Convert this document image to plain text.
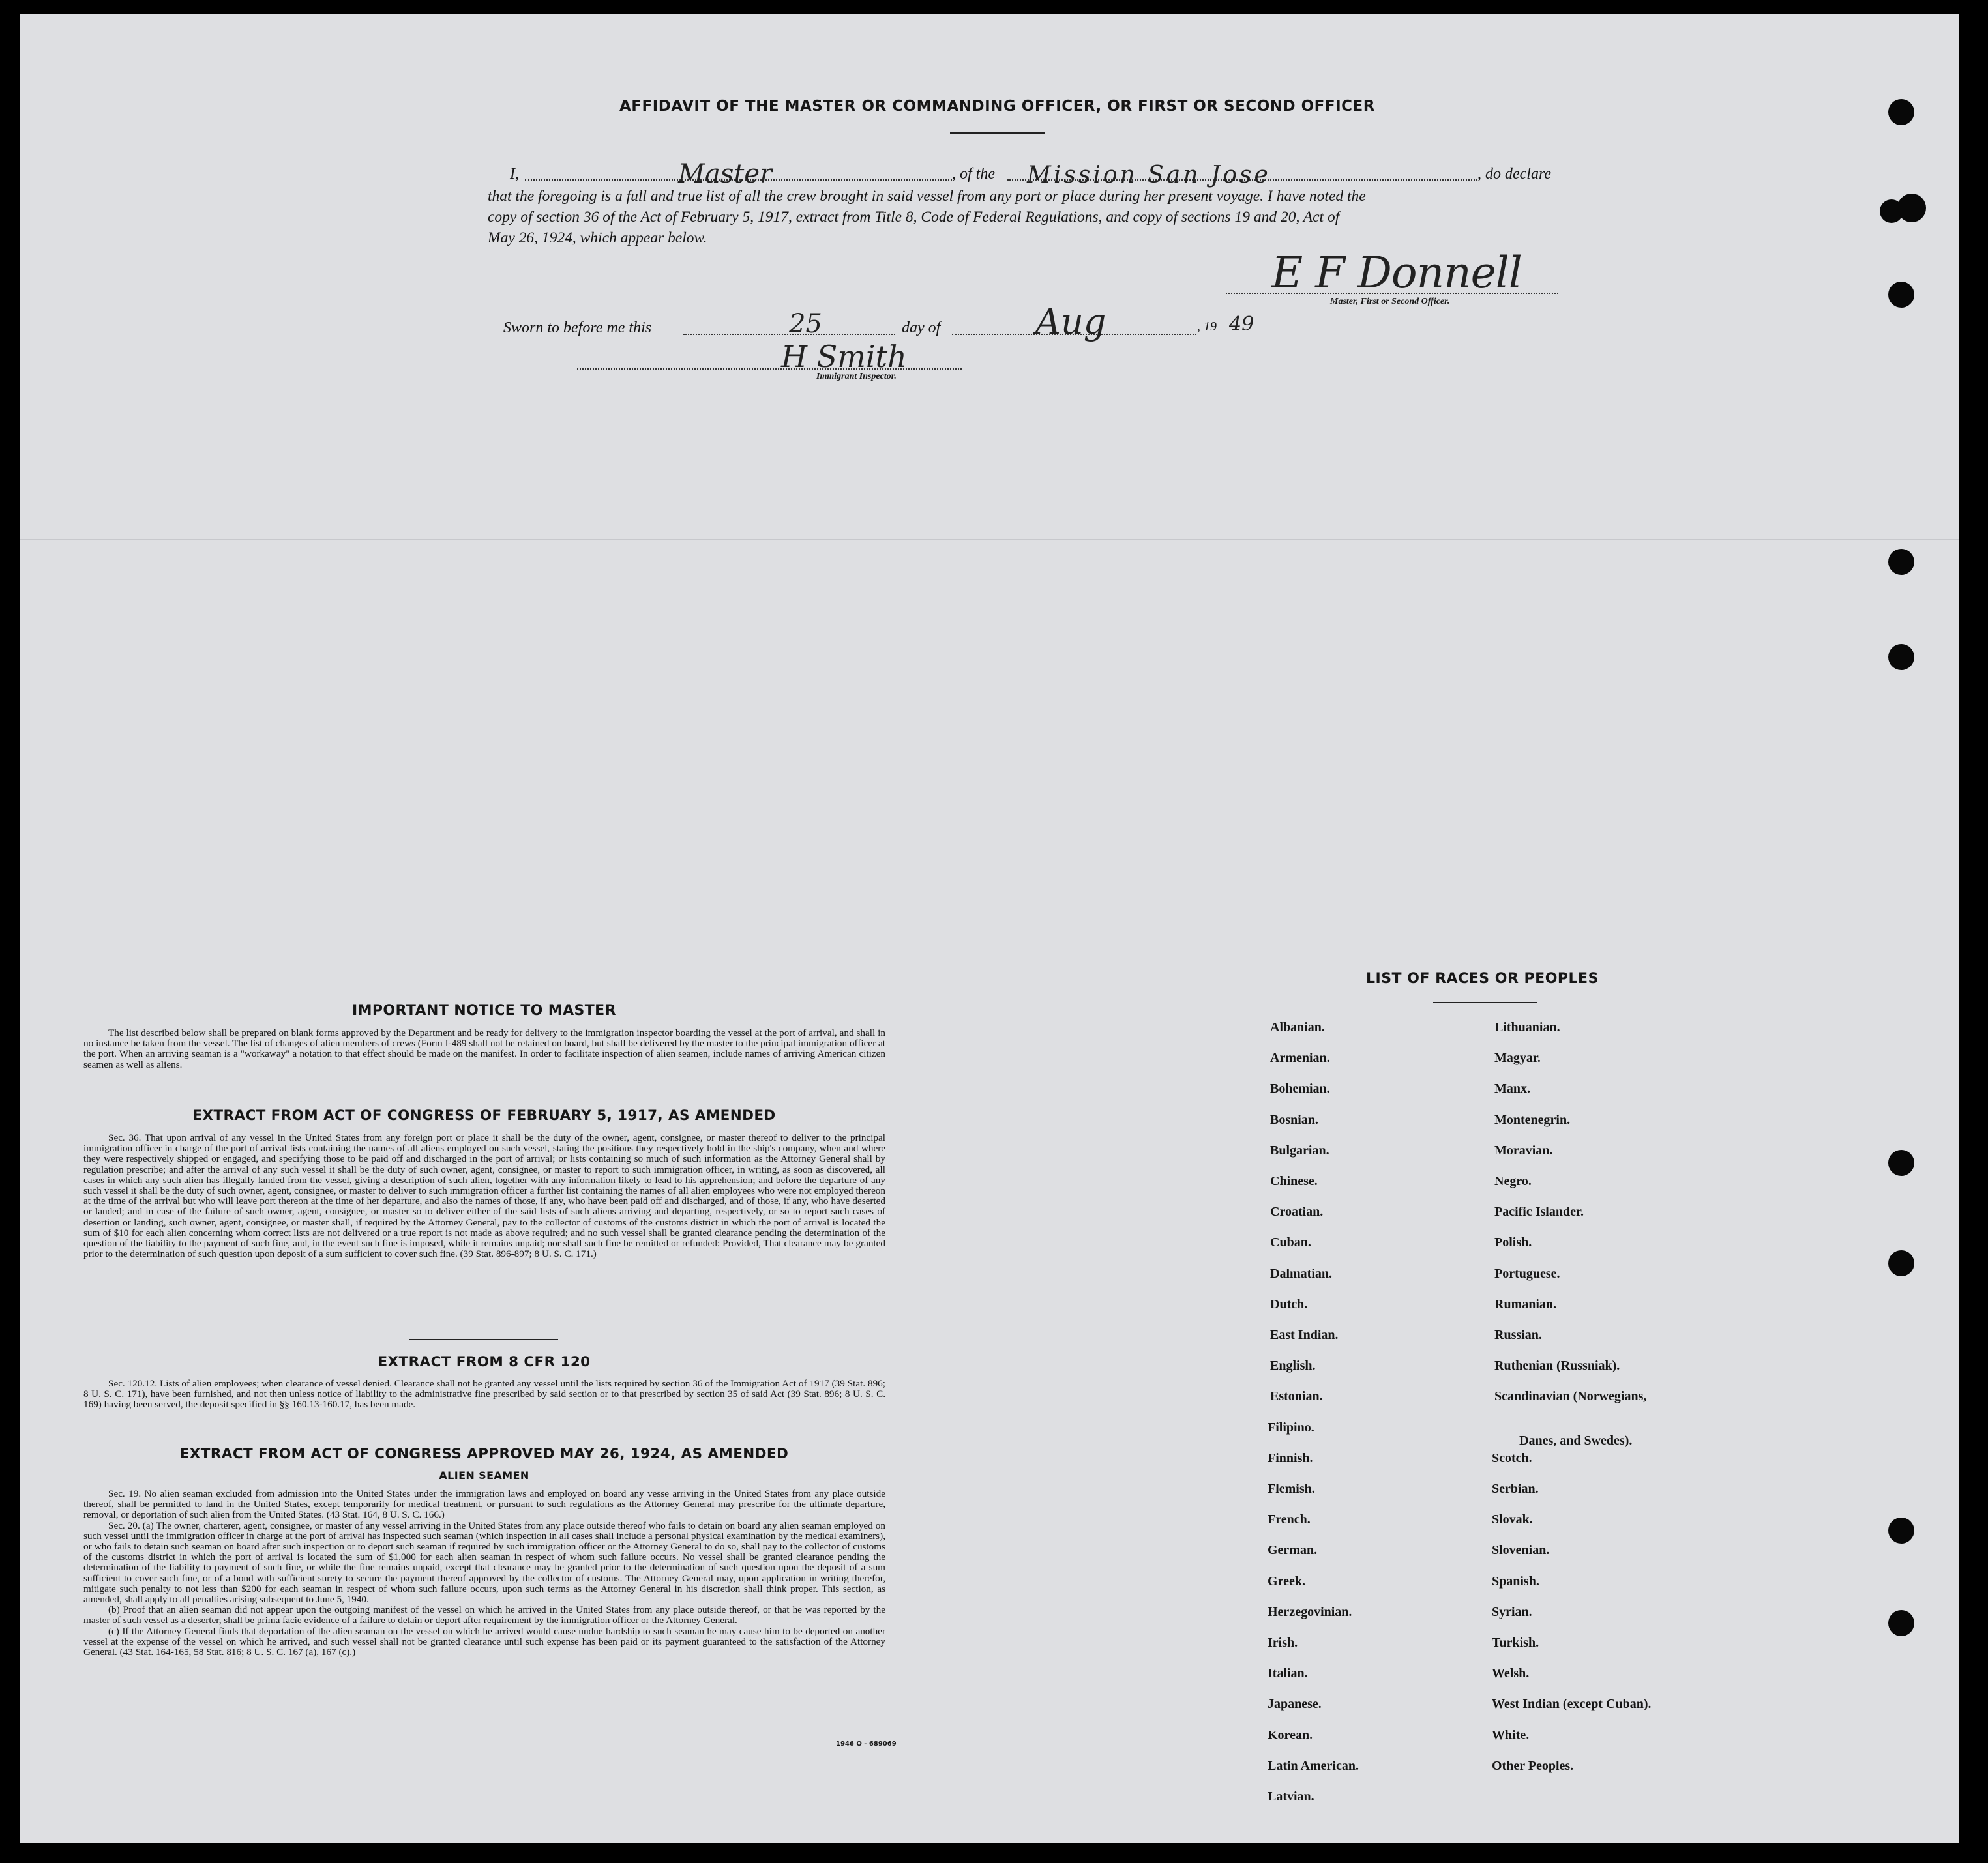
AFFIDAVIT OF THE MASTER OR COMMANDING OFFICER, OR FIRST OR SECOND OFFICER
I,	Master	, of the Mission San Jose	, do declare
that the foregoing is a full and true list of all the crew brought in said vessel from any port or place during her present voyage. I have noted the
copy of section 36 of the Act of February 5, 1917, extract from Title 8, Code of Federal Regulations, and copy of sections 19 and 20, Act of
May 26, 1924, which appear below.
E F Donnell
Master, First or Second Officer.
Sworn to before me this	25	day of	Aug	, 19 49
H Smith
Immigrant Inspector.
IMPORTANT NOTICE TO MASTER

The list described below shall be prepared on blank forms approved by the Department and be ready for delivery to the immigration inspector boarding the vessel at the port of arrival, and shall in no instance be taken from the vessel. The list of changes of alien members of crews (Form I-489 shall not be retained on board, but shall be delivered by the master to the principal immigration officer at the port. When an arriving seaman is a "workaway" a notation to that effect should be made on the manifest. In order to facilitate inspection of alien seamen, include names of arriving American citizen seamen as well as aliens.

EXTRACT FROM ACT OF CONGRESS OF FEBRUARY 5, 1917, AS AMENDED

Sec. 36. That upon arrival of any vessel in the United States from any foreign port or place it shall be the duty of the owner, agent, consignee, or master thereof to deliver to the principal immigration officer in charge of the port of arrival lists containing the names of all aliens employed on such vessel, stating the positions they respectively hold in the ship's company, when and where they were respectively shipped or engaged, and specifying those to be paid off and discharged in the port of arrival; or lists containing so much of such information as the Attorney General shall by regulation prescribe; and after the arrival of any such vessel it shall be the duty of such owner, agent, consignee, or master to report to such immigration officer, in writing, as soon as discovered, all cases in which any such alien has illegally landed from the vessel, giving a description of such alien, together with any information likely to lead to his apprehension; and before the departure of any such vessel it shall be the duty of such owner, agent, consignee, or master to deliver to such immigration officer a further list containing the names of all alien employees who were not employed thereon at the time of the arrival but who will leave port thereon at the time of her departure, and also the names of those, if any, who have been paid off and discharged, and of those, if any, who have deserted or landed; and in case of the failure of such owner, agent, consignee, or master so to deliver either of the said lists of such aliens arriving and departing, respectively, or so to report such cases of desertion or landing, such owner, agent, consignee, or master shall, if required by the Attorney General, pay to the collector of customs of the customs district in which the port of arrival is located the sum of $10 for each alien concerning whom correct lists are not delivered or a true report is not made as above required; and no such vessel shall be granted clearance pending the determination of the question of the liability to the payment of such fine, and, in the event such fine is imposed, while it remains unpaid; nor shall such fine be remitted or refunded: Provided, That clearance may be granted prior to the determination of such question upon deposit of a sum sufficient to cover such fine. (39 Stat. 896-897; 8 U. S. C. 171.)

EXTRACT FROM 8 CFR 120

Sec. 120.12. Lists of alien employees; when clearance of vessel denied. Clearance shall not be granted any vessel until the lists required by section 36 of the Immigration Act of 1917 (39 Stat. 896; 8 U. S. C. 171), have been furnished, and not then unless notice of liability to the administrative fine prescribed by said section or to that prescribed by section 35 of said Act (39 Stat. 896; 8 U. S. C. 169) having been served, the deposit specified in §§ 160.13-160.17, has been made.

EXTRACT FROM ACT OF CONGRESS APPROVED MAY 26, 1924, AS AMENDED
ALIEN SEAMEN

Sec. 19. No alien seaman excluded from admission into the United States under the immigration laws and employed on board any vesse arriving in the United States from any place outside thereof, shall be permitted to land in the United States, except temporarily for medical treatment, or pursuant to such regulations as the Attorney General may prescribe for the ultimate departure, removal, or deportation of such alien from the United States. (43 Stat. 164, 8 U. S. C. 166.)

Sec. 20. (a) The owner, charterer, agent, consignee, or master of any vessel arriving in the United States from any place outside thereof who fails to detain on board any alien seaman employed on such vessel until the immigration officer in charge at the port of arrival has inspected such seaman (which inspection in all cases shall include a personal physical examination by the medical examiners), or who fails to detain such seaman on board after such inspection or to deport such seaman if required by such immigration officer or the Attorney General to do so, shall pay to the collector of customs of the customs district in which the port of arrival is located the sum of $1,000 for each alien seaman in respect of whom such failure occurs. No vessel shall be granted clearance pending the determination of the liability to payment of such fine, or while the fine remains unpaid, except that clearance may be granted prior to the determination of such question upon the deposit of a sum sufficient to cover such fine, or of a bond with sufficient surety to secure the payment thereof approved by the collector of customs. The Attorney General may, upon application in writing therefor, mitigate such penalty to not less than $200 for each seaman in respect of whom such failure occurs, upon such terms as the Attorney General in his discretion shall think proper. This section, as amended, shall apply to all penalties arising subsequent to June 5, 1940.

(b) Proof that an alien seaman did not appear upon the outgoing manifest of the vessel on which he arrived in the United States from any place outside thereof, or that he was reported by the master of such vessel as a deserter, shall be prima facie evidence of a failure to detain or deport after requirement by the immigration officer or the Attorney General.

(c) If the Attorney General finds that deportation of the alien seaman on the vessel on which he arrived would cause undue hardship to such seaman he may cause him to be deported on another vessel at the expense of the vessel on which he arrived, and such vessel shall not be granted clearance until such expense has been paid or its payment guaranteed to the satisfaction of the Attorney General. (43 Stat. 164-165, 58 Stat. 816; 8 U. S. C. 167 (a), 167 (c).)

1946 O - 689069
LIST OF RACES OR PEOPLES
Albanian.
Armenian.
Bohemian.
Bosnian.
Bulgarian.
Chinese.
Croatian.
Cuban.
Dalmatian.
Dutch.
East Indian.
English.
Estonian.
Filipino.
Finnish.
Flemish.
French.
German.
Greek.
Herzegovinian.
Irish.
Italian.
Japanese.
Korean.
Latin American.
Latvian.
Lithuanian.
Magyar.
Manx.
Montenegrin.
Moravian.
Negro.
Pacific Islander.
Polish.
Portuguese.
Rumanian.
Russian.
Ruthenian (Russniak).
Scandinavian (Norwegians,
Danes, and Swedes).
Scotch.
Serbian.
Slovak.
Slovenian.
Spanish.
Syrian.
Turkish.
Welsh.
West Indian (except Cuban).
White.
Other Peoples.
